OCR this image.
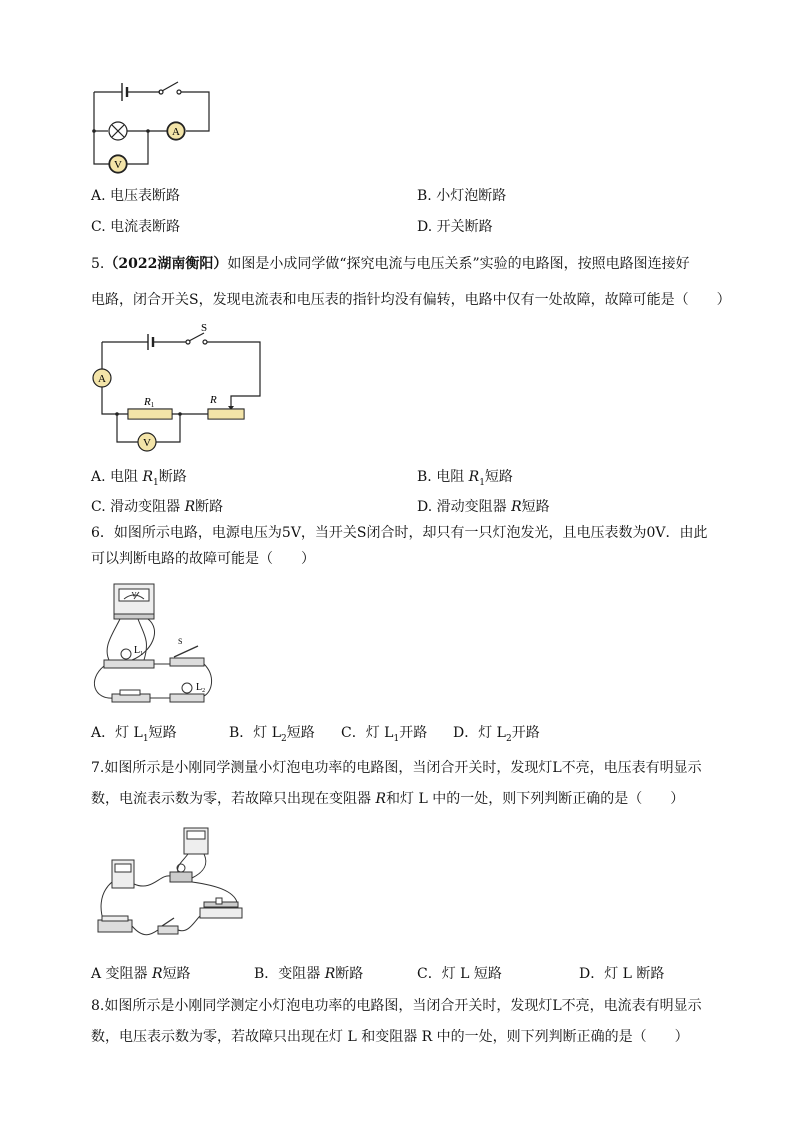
A
V
A. 电压表断路	B. 小灯泡断路
C. 电流表断路	D. 开关断路
5.（2022湖南衡阳）如图是小成同学做“探究电流与电压关系”实验的电路图，按照电路图连接好
电路，闭合开关S，发现电流表和电压表的指针均没有偏转，电路中仅有一处故障，故障可能是（　　）
S
A
V
R1	R
A. 电阻 $R_1$断路	B. 电阻 $R_1$短路
C. 滑动变阻器 R断路	D. 滑动变阻器 R短路
6．如图所示电路，电源电压为5V，当开关S闭合时，却只有一只灯泡发光，且电压表数为0V．由此
可以判断电路的故障可能是（　　）
V
$L_1$
S
$L_2$
A．灯 $L_1$短路	B．灯 $L_2$短路 C．灯 $L_1$开路 D．灯 $L_2$开路
7.如图所示是小刚同学测量小灯泡电功率的电路图，当闭合开关时，发现灯L不亮，电压表有明显示
数，电流表示数为零，若故障只出现在变阻器 R和灯 L 中的一处，则下列判断正确的是（　　）
A 变阻器 R短路	B．变阻器 R断路	C．灯 L 短路	D．灯 L 断路
8.如图所示是小刚同学测定小灯泡电功率的电路图，当闭合开关时，发现灯L不亮，电流表有明显示
数，电压表示数为零，若故障只出现在灯 L 和变阻器 R 中的一处，则下列判断正确的是（　　）
